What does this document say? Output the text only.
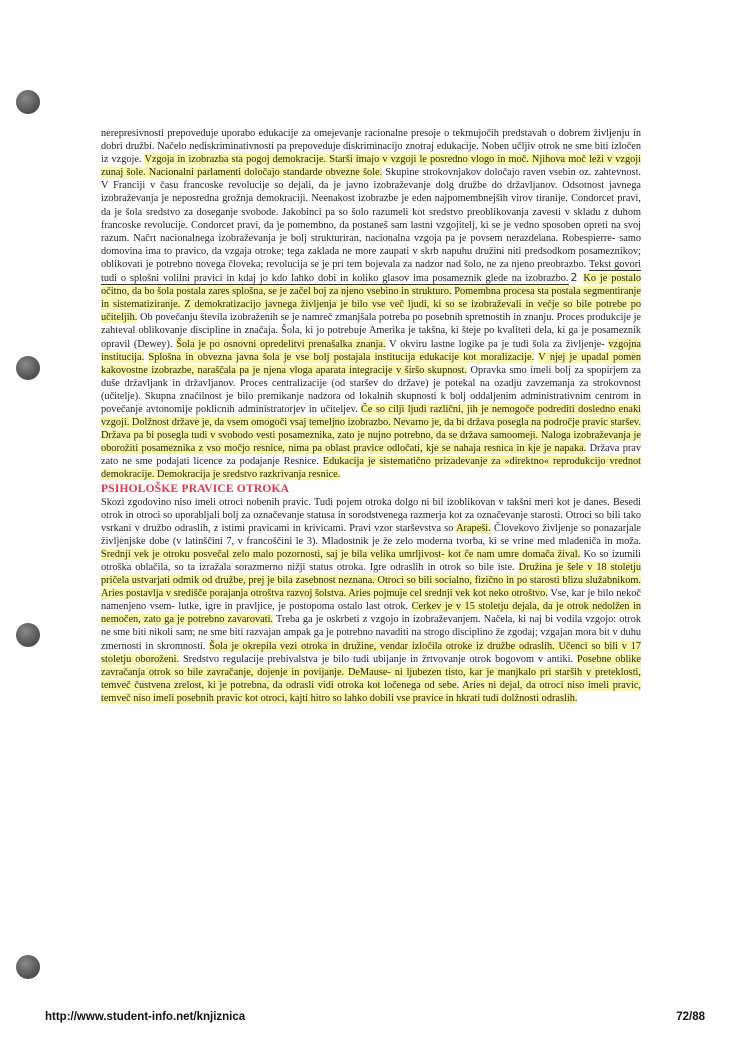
nerepresivnosti prepoveduje uporabo edukacije za omejevanje racionalne presoje o tekmujočih predstavah o dobrem življenju in dobri družbi. Načelo nediskriminativnosti pa prepoveduje diskriminacijo znotraj edukacije. Noben učljiv otrok ne sme biti izločen iz vzgoje. Vzgoja in izobrazba sta pogoj demokracije. Starši imajo v vzgoji le posredno vlogo in moč. Njihova moč leži v vzgoji zunaj šole. Nacionalni parlamenti določajo standarde obvezne šole. Skupine strokovnjakov določajo raven vsebin oz. zahtevnost. V Franciji v času francoske revolucije so dejali, da je javno izobraževanje dolg družbe do državljanov. Odsotnost javnega izobraževanja je neposredna grožnja demokraciji. Neenakost izobrazbe je eden najpomembnejših virov tiranije. Condorcet pravi, da je šola sredstvo za doseganje svobode. Jakobinci pa so šolo razumeli kot sredstvo preoblikovanja zavesti v skladu z duhom francoske revolucije. Condorcet pravi, da je pomembno, da postaneš sam lastni vzgojitelj, ki se je vedno sposoben opreti na svoj razum. Načrt nacionalnega izobraževanja je bolj strukturiran, nacionalna vzgoja pa je povsem nerazdelana. Robespierre- samo domovina ima to pravico, da vzgaja otroke; tega zaklada ne more zaupati v skrb napuhu družini niti predsodkom posameznikov; oblikovati je potrebno novega človeka; revolucija se je pri tem bojevala za nadzor nad šolo, ne za njeno preobrazbo. Tekst govori tudi o splošni volilni pravici in kdaj jo kdo lahko dobi in koliko glasov ima posameznik glede na izobrazbo. 2 Ko je postalo očitno, da bo šola postala zares splošna, se je začel boj za njeno vsebino in strukturo. Pomembna procesa sta postala segmentiranje in sistematiziranje. Z demokratizacijo javnega življenja je bilo vse več ljudi, ki so se izobraževali in večje so bile potrebe po učiteljih. Ob povečanju števila izobraženih se je namreč zmanjšala potreba po posebnih spretnostih in znanju. Proces produkcije je zahteval oblikovanje discipline in značaja. Šola, ki jo potrebuje Amerika je takšna, ki šteje po kvaliteti dela, ki ga je posameznik opravil (Dewey). Šola je po osnovni opredelitvi prenašalka znanja. V okviru lastne logike pa je tudi šola za življenje- vzgojna institucija. Splošna in obvezna javna šola je vse bolj postajala institucija edukacije kot moralizacije. V njej je upadal pomen kakovostne izobrazbe, naraščala pa je njena vloga aparata integracije v širšo skupnost. Opravka smo imeli bolj za spopirjem za duše državljank in državljanov. Proces centralizacije (od staršev do države) je potekal na ozadju zavzemanja za strokovnost (učitelje). Skupna značilnost je bilo premikanje nadzora od lokalnih skupnosti k bolj oddaljenim administrativnim centrom in povečanje avtonomije poklicnih administratorjev in učiteljev. Če so cilji ljudi različni, jih je nemogoče podrediti dosledno enaki vzgoji. Dolžnost države je, da vsem omogoči vsaj temeljno izobrazbo. Nevarno je, da bi država posegla na področje pravic staršev. Država pa bi posegla tudi v svobodo vesti posameznika, zato je nujno potrebno, da se država samoomeji. Naloga izobraževanja je oborožiti posameznika z vso močjo resnice, nima pa oblast pravice odločati, kje se nahaja resnica in kje je napaka. Država prav zato ne sme podajati licence za podajanje Resnice. Edukacija je sistematično prizadevanje za »direktno« reprodukcijo vrednot demokracije. Demokracija je sredstvo razkrivanja resnice.

PSIHOLOŠKE PRAVICE OTROKA

Skozi zgodovino niso imeli otroci nobenih pravic. Tudi pojem otroka dolgo ni bil izoblikovan v takšni meri kot je danes. Besedi otrok in otroci so uporabljali bolj za označevanje statusa in sorodstvenega razmerja kot za označevanje starosti. Otroci so bili tako vsrkani v družbo odraslih, z istimi pravicami in krivicami. Pravi vzor starševstva so Arapeši. Človekovo življenje so ponazarjale življenjske dobe (v latinščini 7, v francoščini le 3). Mladostnik je že zelo moderna tvorba, ki se vrine med mladeniča in moža. Srednji vek je otroku posvečal zelo malo pozornosti, saj je bila velika umrljivost- kot če nam umre domača žival. Ko so izumili otroška oblačila, so ta izražala sorazmerno nižji status otroka. Igre odraslih in otrok so bile iste. Družina je šele v 18 stoletju pričela ustvarjati odmik od družbe, prej je bila zasebnost neznana. Otroci so bili socialno, fizično in po starosti blizu služabnikom. Aries postavlja v središče porajanja otroštva razvoj šolstva. Aries pojmuje cel srednji vek kot neko otroštvo. Vse, kar je bilo nekoč namenjeno vsem- lutke, igre in pravljice, je postopoma ostalo last otrok. Cerkev je v 15 stoletju dejala, da je otrok nedolžen in nemočen, zato ga je potrebno zavarovati. Treba ga je oskrbeti z vzgojo in izobraževanjem. Načela, ki naj bi vodila vzgojo: otrok ne sme biti nikoli sam; ne sme biti razvajan ampak ga je potrebno navaditi na strogo disciplino že zgodaj; vzgajan mora bit v duhu zmernosti in skromnosti. Šola je okrepila vezi otroka in družine, vendar izločila otroke iz družbe odraslih. Učenci so bili v 17 stoletju oboroženi. Sredstvo regulacije prebivalstva je bilo tudi ubijanje in žrtvovanje otrok bogovom v antiki. Posebne oblike zavračanja otrok so bile zavračanje, dojenje in povijanje. DeMause- ni ljubezen tisto, kar je manjkalo pri starših v preteklosti, temveč čustvena zrelost, ki je potrebna, da odrasli vidi otroka kot ločenega od sebe. Aries ni dejal, da otroci niso imeli pravic, temveč niso imeli posebnih pravic kot otroci, kajti hitro so lahko dobili vse pravice in hkrati tudi dolžnosti odraslih.

http://www.student-info.net/knjiznica	72/88
